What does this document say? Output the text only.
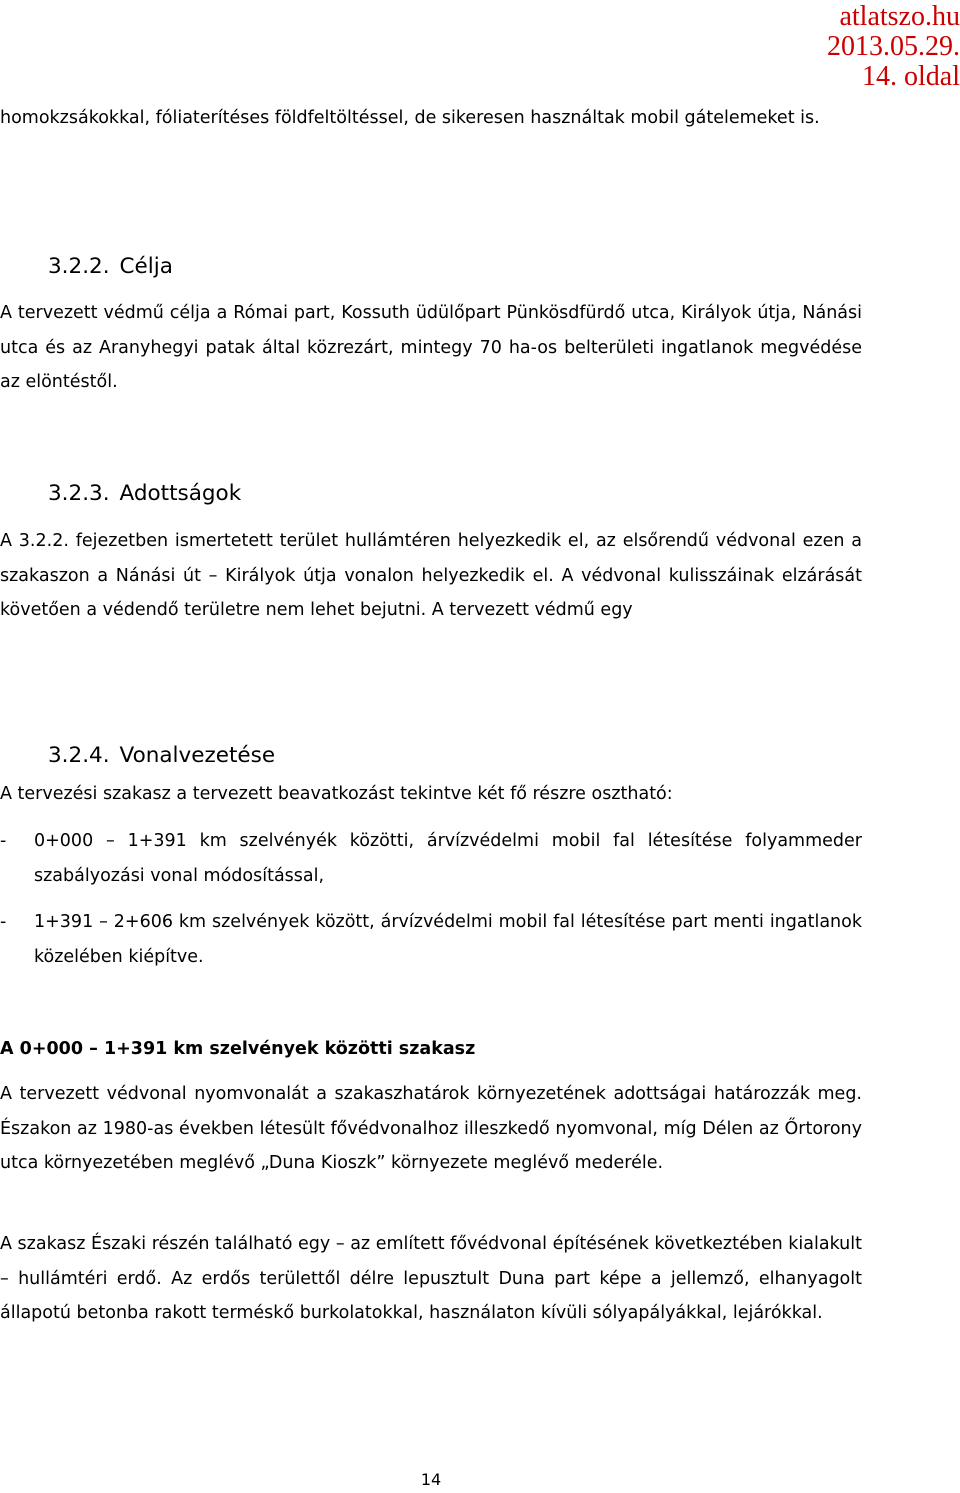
atlatszo.hu
2013.05.29.
14. oldal

homokzsákokkal, fóliaterítéses földfeltöltéssel, de sikeresen használtak mobil gátelemeket is.

3.2.2. Célja

A tervezett védmű célja a Római part, Kossuth üdülőpart Pünkösdfürdő utca, Királyok útja, Nánási utca és az Aranyhegyi patak által közrezárt, mintegy 70 ha-os belterületi ingatlanok megvédése az elöntéstől.

3.2.3. Adottságok

A 3.2.2. fejezetben ismertetett terület hullámtéren helyezkedik el, az elsőrendű védvonal ezen a szakaszon a Nánási út – Királyok útja vonalon helyezkedik el. A védvonal kulisszáinak elzárását követően a védendő területre nem lehet bejutni. A tervezett védmű egy

3.2.4. Vonalvezetése

A tervezési szakasz a tervezett beavatkozást tekintve két fő részre osztható:

- 0+000 – 1+391 km szelvényék közötti, árvízvédelmi mobil fal létesítése folyammeder szabályozási vonal módosítással,

- 1+391 – 2+606 km szelvények között, árvízvédelmi mobil fal létesítése part menti ingatlanok közelében kiépítve.

A 0+000 – 1+391 km szelvények közötti szakasz

A tervezett védvonal nyomvonalát a szakaszhatárok környezetének adottságai határozzák meg. Északon az 1980-as években létesült fővédvonalhoz illeszkedő nyomvonal, míg Délen az Őrtorony utca környezetében meglévő „Duna Kioszk” környezete meglévő mederéle.

A szakasz Északi részén található egy – az említett fővédvonal építésének következtében kialakult – hullámtéri erdő. Az erdős területtől délre lepusztult Duna part képe a jellemző, elhanyagolt állapotú betonba rakott terméskő burkolatokkal, használaton kívüli sólyapályákkal, lejárókkal.

14
